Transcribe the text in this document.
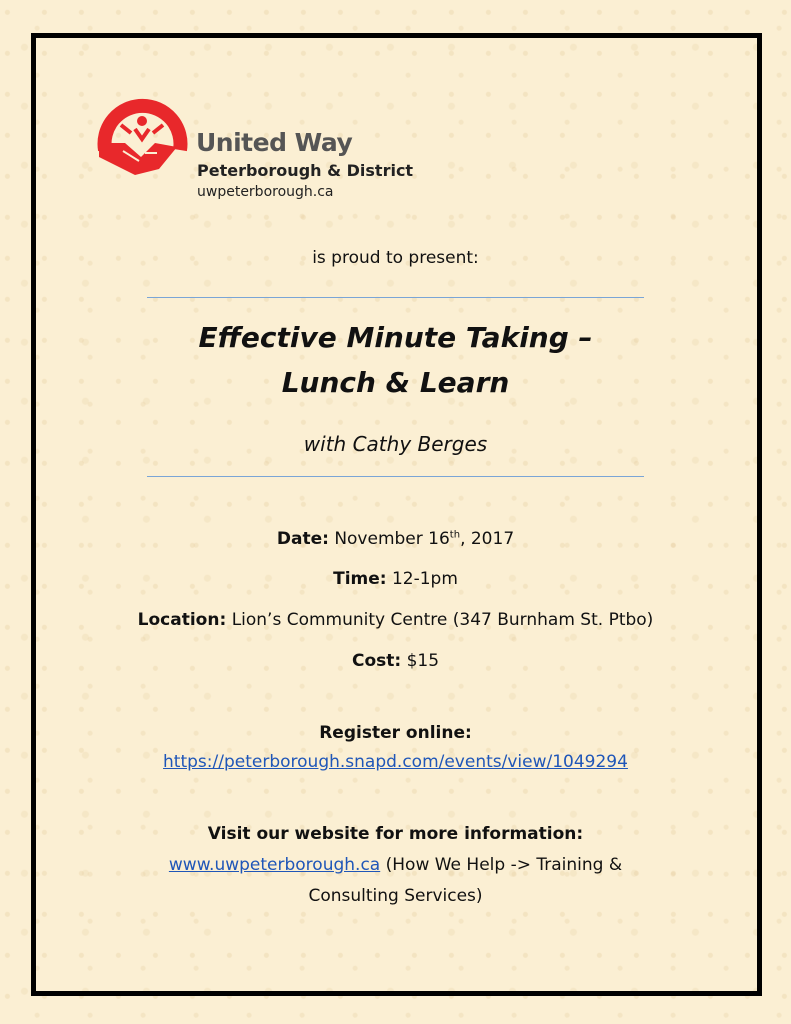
United Way
Peterborough & District
uwpeterborough.ca
is proud to present:
Effective Minute Taking –
Lunch & Learn
with Cathy Berges
Date: November 16th, 2017
Time: 12-1pm
Location: Lion’s Community Centre (347 Burnham St. Ptbo)
Cost: $15
Register online:
https://peterborough.snapd.com/events/view/1049294
Visit our website for more information:
www.uwpeterborough.ca (How We Help -> Training &
Consulting Services)
